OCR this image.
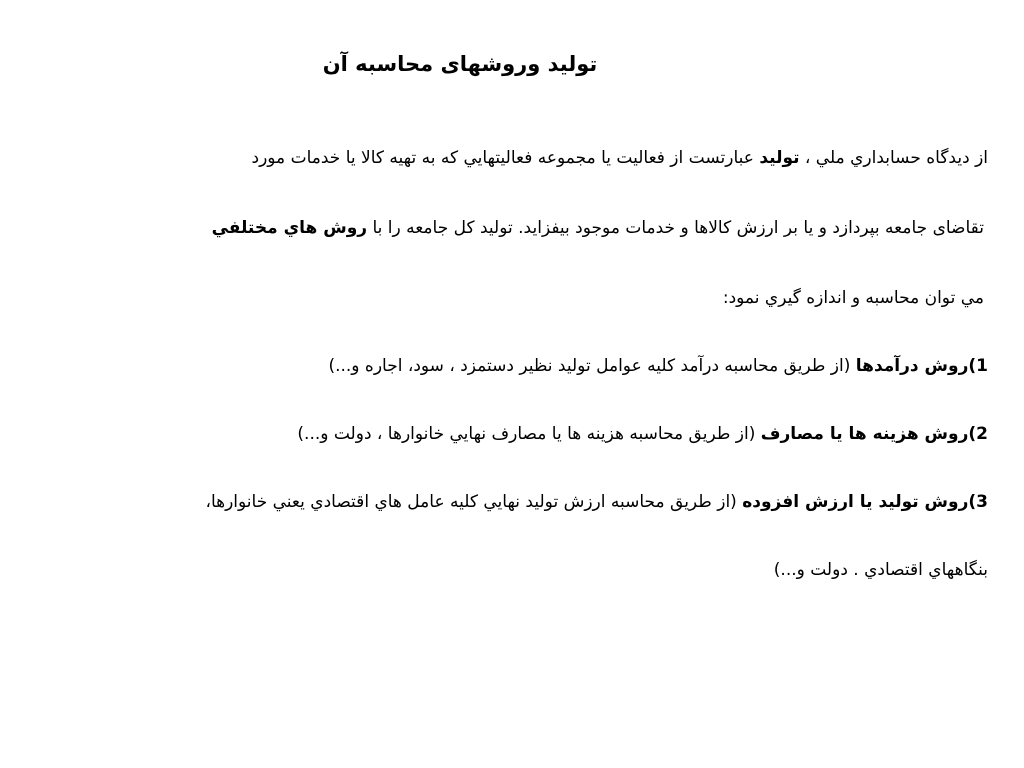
توليد وروشهای محاسبه آن
از ديدگاه حسابداري ملي ، توليد عبارتست از فعاليت يا مجموعه فعاليتهايي كه به تهيه كالا يا خدمات مورد
تقاضای جامعه بپردازد و يا بر ارزش كالاها و خدمات موجود بيفزايد. توليد كل جامعه را با روش هاي مختلفي
مي توان محاسبه و اندازه گيري نمود:
1)روش درآمدها (از طريق محاسبه درآمد كليه عوامل توليد نظير دستمزد ، سود، اجاره و...)
2)روش هزينه ها يا مصارف (از طريق محاسبه هزينه ها يا مصارف نهايي خانوارها ، دولت و...)
3)روش توليد يا ارزش افزوده (از طريق محاسبه ارزش توليد نهايي كليه عامل هاي اقتصادي يعني خانوارها،
بنگاههاي اقتصادي . دولت و...)
